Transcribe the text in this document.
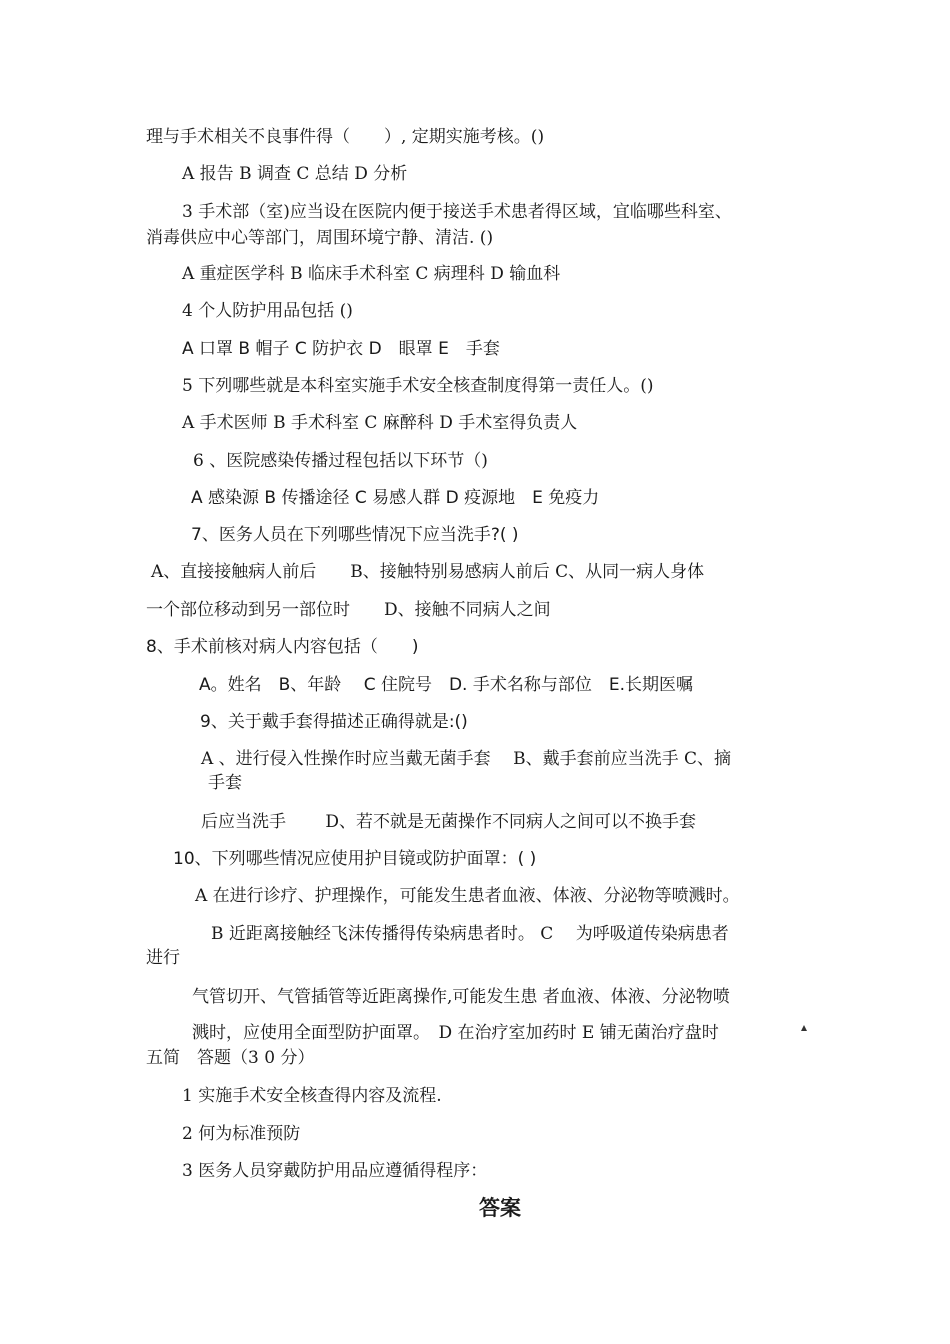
理与手术相关不良事件得（　　）, 定期实施考核。()
A 报告 B 调查 C 总结 D 分析
3 手术部（室)应当设在医院内便于接送手术患者得区域，宜临哪些科室、
消毒供应中心等部门，周围环境宁静、清洁. ()
A 重症医学科 B 临床手术科室 C 病理科 D 输血科
4 个人防护用品包括 ()
A 口罩 B 帽子 C 防护衣 D　眼罩 E　手套
5 下列哪些就是本科室实施手术安全核查制度得第一责任人。()
A 手术医师 B 手术科室 C 麻醉科 D 手术室得负责人
6 、医院感染传播过程包括以下环节（)
A 感染源 B 传播途径 C 易感人群 D 疫源地　E 免疫力
7、医务人员在下列哪些情况下应当洗手?( )
A、直接接触病人前后　　B、接触特别易感病人前后 C、从同一病人身体
一个部位移动到另一部位时　　D、接触不同病人之间
8、手术前核对病人内容包括（　　)
A。姓名　B、年龄　 C 住院号　D. 手术名称与部位　E.长期医嘱
9、关于戴手套得描述正确得就是:()
A 、进行侵入性操作时应当戴无菌手套　 B、戴手套前应当洗手 C、摘
手套
后应当洗手　　 D、若不就是无菌操作不同病人之间可以不换手套
10、下列哪些情况应使用护目镜或防护面罩：( )
A 在进行诊疗、护理操作，可能发生患者血液、体液、分泌物等喷溅时。
B 近距离接触经飞沫传播得传染病患者时。 C　 为呼吸道传染病患者
进行
气管切开、气管插管等近距离操作,可能发生患 者血液、体液、分泌物喷
溅时，应使用全面型防护面罩。　D 在治疗室加药时 E 铺无菌治疗盘时
五简　答题（3 0 分）
1 实施手术安全核查得内容及流程.
2 何为标准预防
3 医务人员穿戴防护用品应遵循得程序：
答案
